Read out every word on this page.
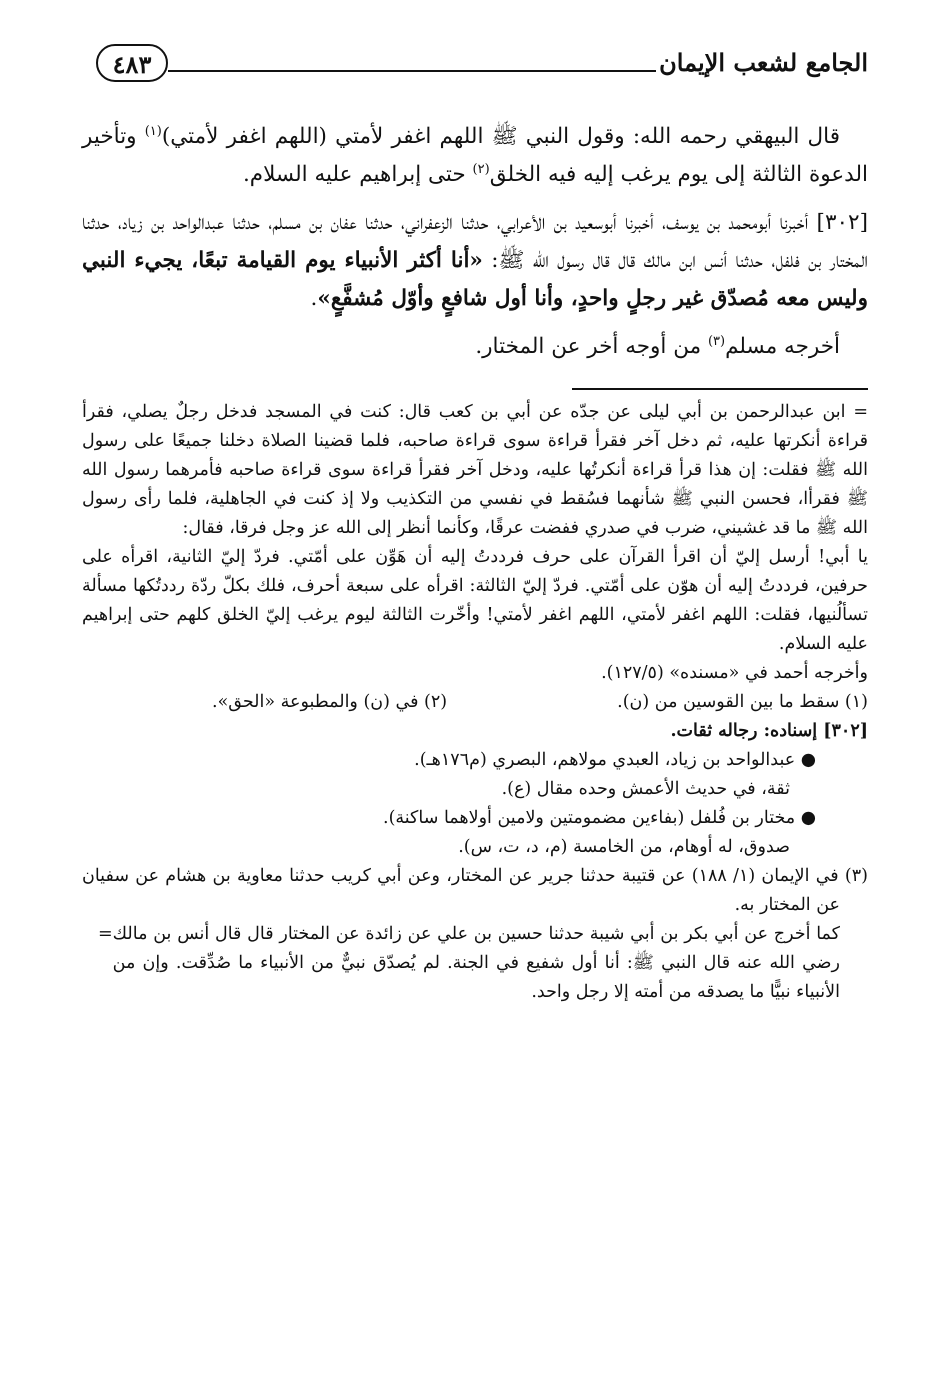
الجامع لشعب الإيمان
٤٨٣

قال البيهقي رحمه الله: وقول النبي ﷺ اللهم اغفر لأمتي (اللهم اغفر لأمتي)$^{(١)}$ وتأخير الدعوة الثالثة إلى يوم يرغب إليه فيه الخلق$^{(٢)}$ حتى إبراهيم عليه السلام.

[٣٠٢] أخبرنا أبومحمد بن يوسف، أخبرنا أبوسعيد بن الأعرابي، حدثنا الزعفراني، حدثنا عفان بن مسلم، حدثنا عبدالواحد بن زياد، حدثنا المختار بن فلفل، حدثنا أنس ابن مالك قال قال رسول الله ﷺ: «أنا أكثر الأنبياء يوم القيامة تبعًا، يجيء النبي وليس معه مُصدّق غير رجلٍ واحدٍ، وأنا أول شافعٍ وأوّل مُشفَّعٍ».

أخرجه مسلم$^{(٣)}$ من أوجه أخر عن المختار.

= ابن عبدالرحمن بن أبي ليلى عن جدّه عن أبي بن كعب قال: كنت في المسجد فدخل رجلٌ يصلي، فقرأ قراءة أنكرتها عليه، ثم دخل آخر فقرأ قراءة سوى قراءة صاحبه، فلما قضينا الصلاة دخلنا جميعًا على رسول الله ﷺ فقلت: إن هذا قرأ قراءة أنكرتُها عليه، ودخل آخر فقرأ قراءة سوى قراءة صاحبه فأمرهما رسول الله ﷺ فقرأا، فحسن النبي ﷺ شأنهما فسُقط في نفسي من التكذيب ولا إذ كنت في الجاهلية، فلما رأى رسول الله ﷺ ما قد غشيني، ضرب في صدري ففضت عرقًا، وكأنما أنظر إلى الله عز وجل فرقا، فقال:

يا أبي! أرسل إليّ أن اقرأ القرآن على حرف فرددتُ إليه أن هَوِّن على أمّتي. فردّ إليّ الثانية، اقرأه على حرفين، فرددتُ إليه أن هوّن على أمّتي. فردّ إليّ الثالثة: اقرأه على سبعة أحرف، فلك بكلّ ردّة رددتُكها مسألة تسألُنيها، فقلت: اللهم اغفر لأمتي، اللهم اغفر لأمتي! وأخّرت الثالثة ليوم يرغب إليّ الخلق كلهم حتى إبراهيم عليه السلام.

وأخرجه أحمد في «مسنده» (١٢٧/٥).

(١) سقط ما بين القوسين من (ن).
(٢) في (ن) والمطبوعة «الحق».

[٣٠٢] إسناده: رجاله ثقات.

● عبدالواحد بن زياد، العبدي مولاهم، البصري (م١٧٦هـ).

ثقة، في حديث الأعمش وحده مقال (ع).

● مختار بن فُلفل (بفاءين مضمومتين ولامين أولاهما ساكنة).

صدوق، له أوهام، من الخامسة (م، د، ت، س).

(٣) في الإيمان (١/ ١٨٨) عن قتيبة حدثنا جرير عن المختار، وعن أبي كريب حدثنا معاوية بن هشام عن سفيان عن المختار به.

كما أخرج عن أبي بكر بن أبي شيبة حدثنا حسين بن علي عن زائدة عن المختار قال قال أنس بن مالك رضي الله عنه قال النبي ﷺ: أنا أول شفيع في الجنة. لم يُصدّق نبيٌّ من الأنبياء ما صُدِّقت. وإن من الأنبياء نبيًّا ما يصدقه من أمته إلا رجل واحد.
=
